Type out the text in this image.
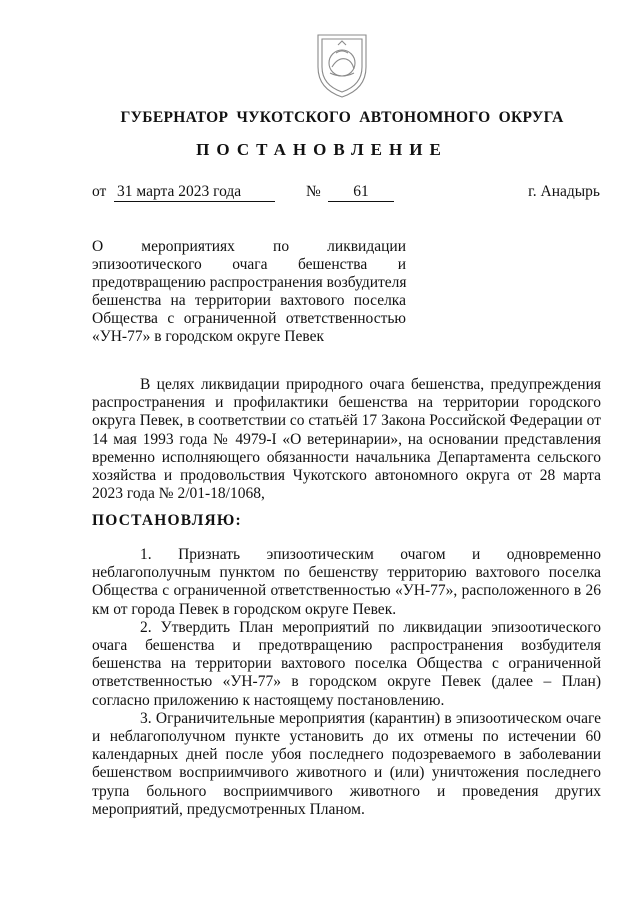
ГУБЕРНАТОР ЧУКОТСКОГО АВТОНОМНОГО ОКРУГА
ПОСТАНОВЛЕНИЕ
от 31 марта 2023 года	№	61	г. Анадырь
О мероприятиях по ликвидации
эпизоотического очага бешенства и
предотвращению распространения возбудителя
бешенства на территории вахтового поселка
Общества с ограниченной ответственностью
«УН-77» в городском округе Певек
В целях ликвидации природного очага бешенства, предупреждения распространения и профилактики бешенства на территории городского округа Певек, в соответствии со статьёй 17 Закона Российской Федерации от 14 мая 1993 года № 4979-I «О ветеринарии», на основании представления временно исполняющего обязанности начальника Департамента сельского хозяйства и продовольствия Чукотского автономного округа от 28 марта 2023 года № 2/01-18/1068,
ПОСТАНОВЛЯЮ:

1. Признать эпизоотическим очагом и одновременно неблагополучным пунктом по бешенству территорию вахтового поселка Общества с ограниченной ответственностью «УН-77», расположенного в 26 км от города Певек в городском округе Певек.

2. Утвердить План мероприятий по ликвидации эпизоотического очага бешенства и предотвращению распространения возбудителя бешенства на территории вахтового поселка Общества с ограниченной ответственностью «УН-77» в городском округе Певек (далее – План) согласно приложению к настоящему постановлению.

3. Ограничительные мероприятия (карантин) в эпизоотическом очаге и неблагополучном пункте установить до их отмены по истечении 60 календарных дней после убоя последнего подозреваемого в заболевании бешенством восприимчивого животного и (или) уничтожения последнего трупа больного восприимчивого животного и проведения других мероприятий, предусмотренных Планом.
